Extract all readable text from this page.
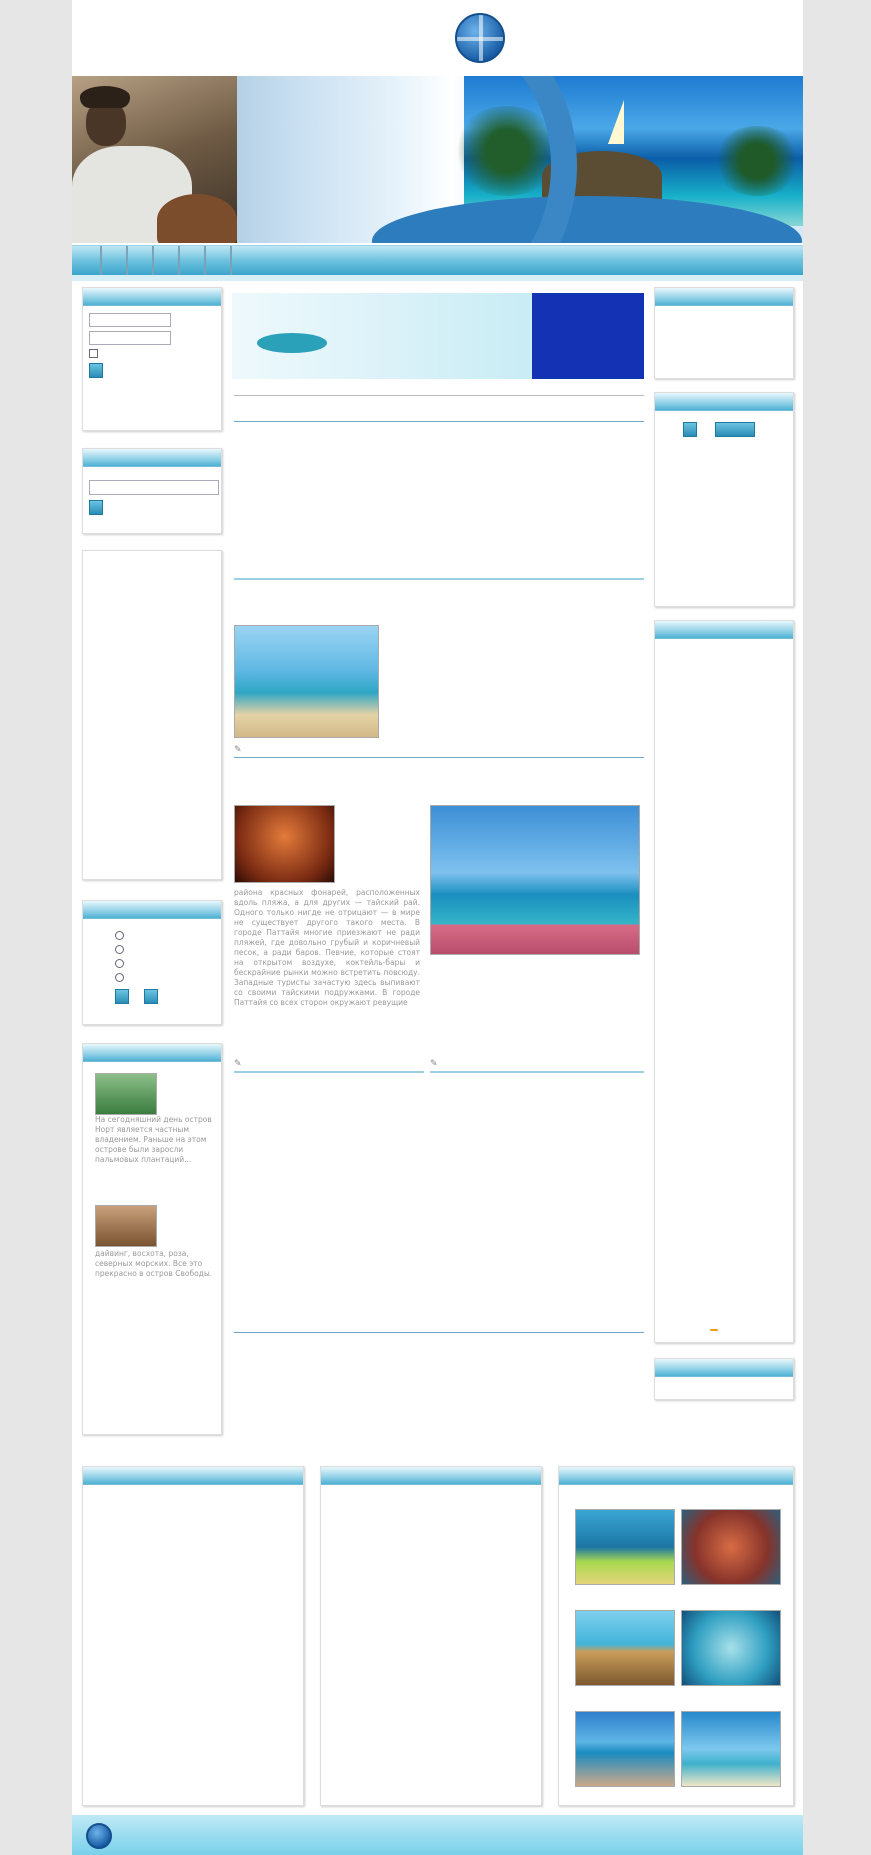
На сегодняшний день остров Норт является частным владением. Раньше на этом острове были заросли пальмовых плантаций...
дайвинг, восхота, роза, северных морских. Все это прекрасно в остров Свободы.
✎
района красных фонарей, расположенных вдоль пляжа, а для других — тайский рай. Одного только нигде не отрицают — в мире не существует другого такого места. В городе Паттайя многие приезжают не ради пляжей, где довольно грубый и коричневый песок, а ради баров. Певчие, которые стоят на открытом воздухе, коктейль-бары и бескрайние рынки можно встретить повсюду. Западные туристы зачастую здесь выпивают со своими тайскими подружками. В городе Паттайя со всех сторон окружают ревущие
✎	✎
